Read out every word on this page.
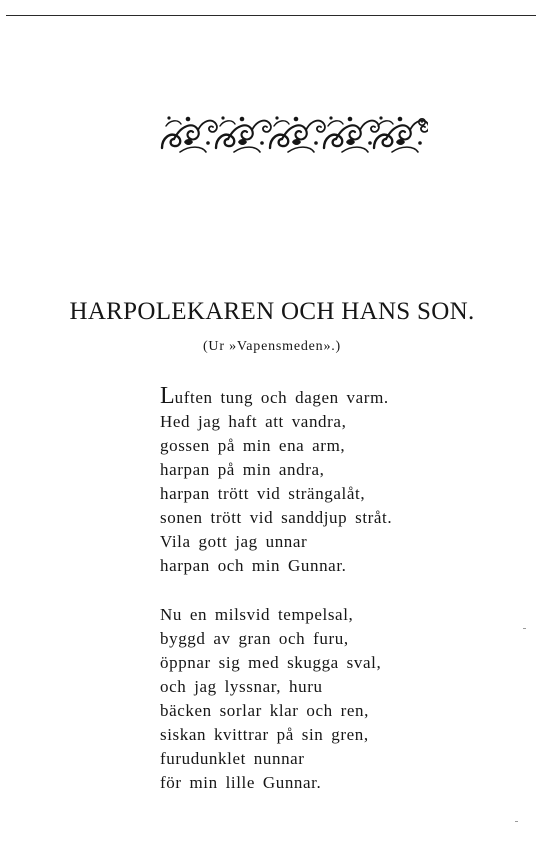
HARPOLEKAREN OCH HANS SON.

(Ur »Vapensmeden».)

Luften tung och dagen varm.
Hed jag haft att vandra,
gossen på min ena arm,
harpan på min andra,
harpan trött vid strängalåt,
sonen trött vid sanddjup stråt.
Vila gott jag unnar
harpan och min Gunnar.
Nu en milsvid tempelsal,
byggd av gran och furu,
öppnar sig med skugga sval,
och jag lyssnar, huru
bäcken sorlar klar och ren,
siskan kvittrar på sin gren,
furudunklet nunnar
för min lille Gunnar.
